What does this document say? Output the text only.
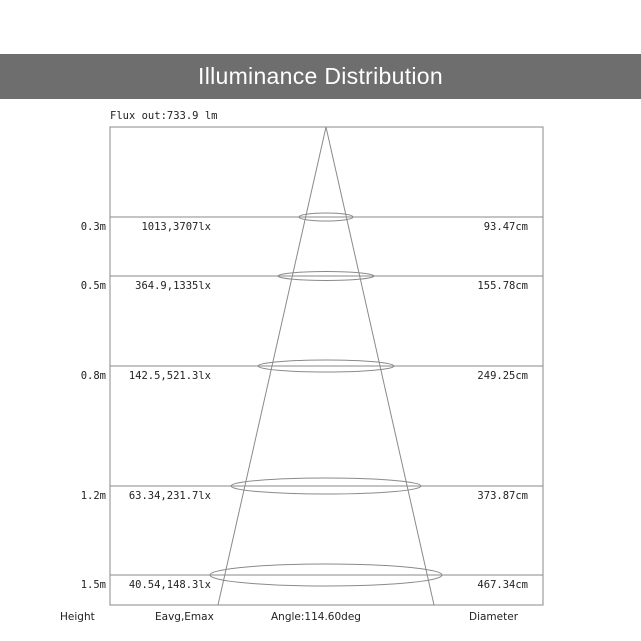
Illuminance Distribution
Flux out:733.9 lm
0.3m	1013,3707lx	93.47cm
0.5m	364.9,1335lx	155.78cm
0.8m	142.5,521.3lx	249.25cm
1.2m	63.34,231.7lx	373.87cm
1.5m	40.54,148.3lx	467.34cm
Height	Eavg,Emax	Angle:114.60deg	Diameter
